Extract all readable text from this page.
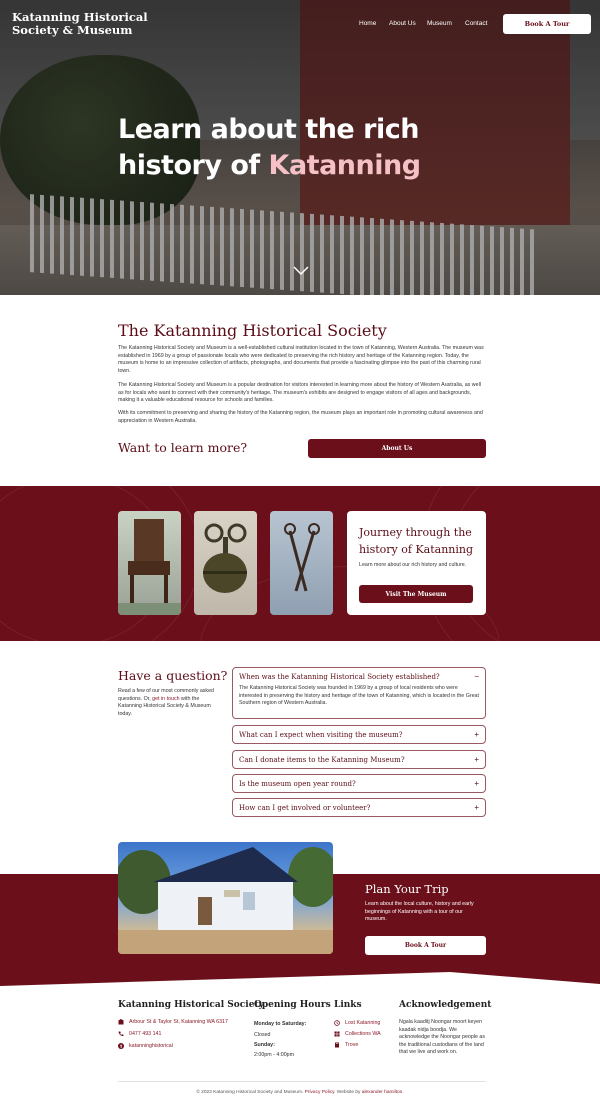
Katanning Historical
Society & Museum	Home About Us Museum Contact	Book A Tour
Learn about the rich
history of Katanning
The Katanning Historical Society

The Katanning Historical Society and Museum is a well-established cultural institution located in the town of Katanning, Western Australia. The museum was established in 1969 by a group of passionate locals who were dedicated to preserving the rich history and heritage of the Katanning region. Today, the museum is home to an impressive collection of artifacts, photographs, and documents that provide a fascinating glimpse into the past of this charming rural town.

The Katanning Historical Society and Museum is a popular destination for visitors interested in learning more about the history of Western Australia, as well as for locals who want to connect with their community's heritage. The museum's exhibits are designed to engage visitors of all ages and backgrounds, making it a valuable educational resource for schools and families.

With its commitment to preserving and sharing the history of the Katanning region, the museum plays an important role in promoting cultural awareness and appreciation in Western Australia.

Want to learn more?	About Us
Journey through the history of Katanning

Learn more about our rich history and culture.

Visit The Museum
Have a question?

Read a few of our most commonly asked questions. Or, get in touch with the Katanning Historical Society & Museum today.

When was the Katanning Historical Society established?	−

The Katanning Historical Society was founded in 1969 by a group of local residents who were interested in preserving the history and heritage of the town of Katanning, which is located in the Great Southern region of Western Australia.

What can I expect when visiting the museum?	+
Can I donate items to the Katanning Museum?	+
Is the museum open year round?	+
How can I get involved or volunteer?	+
Plan Your Trip

Learn about the local culture, history and early beginnings of Katanning with a tour of our museum.

Book A Tour
Katanning Historical Society
Arbour St & Taylor St, Katanning WA 6317
0477 493 141
katanninghistorical
Opening Hours
Monday to Saturday:
Closed
Sunday:
2:00pm - 4:00pm
Links
Lost Katanning
Collections WA
Trove
Acknowledgement

Ngala kaaditj Noongar moort keyen kaadak nidja boodja. We acknowledge the Noongar people as the traditional custodians of the land that we live and work on.

© 2023 Katanning Historical Society and Museum. Privacy Policy. Website by alexander hamilton.
